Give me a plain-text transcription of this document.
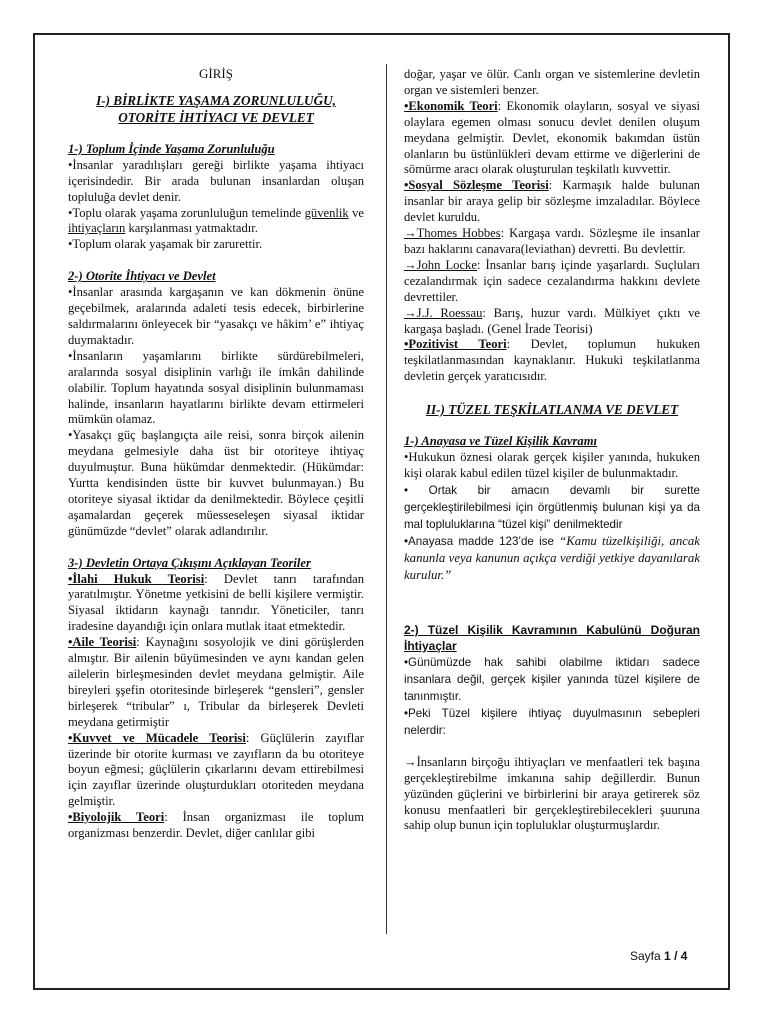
GİRİŞ

I-) BİRLİKTE YAŞAMA ZORUNLULUĞU,
OTORİTE İHTİYACI VE DEVLET

1-) Toplum İçinde Yaşama Zorunluluğu

•İnsanlar yaradılışları gereği birlikte yaşama ihtiyacı içerisindedir. Bir arada bulunan insanlardan oluşan topluluğa devlet denir.

•Toplu olarak yaşama zorunluluğun temelinde güvenlik ve ihtiyaçların karşılanması yatmaktadır.

•Toplum olarak yaşamak bir zarurettir.

2-) Otorite İhtiyacı ve Devlet

•İnsanlar arasında kargaşanın ve kan dökmenin önüne geçebilmek, aralarında adaleti tesis edecek, birbirlerine saldırmalarını önleyecek bir “yasakçı ve hâkim’ e” ihtiyaç duymaktadır.

•İnsanların yaşamlarını birlikte sürdürebilmeleri, aralarında sosyal disiplinin varlığı ile imkân dahilinde olabilir. Toplum hayatında sosyal disiplinin bulunmaması halinde, insanların hayatlarını birlikte devam ettirmeleri mümkün olamaz.

•Yasakçı güç başlangıçta aile reisi, sonra birçok ailenin meydana gelmesiyle daha üst bir otoriteye ihtiyaç duyulmuştur. Buna hükümdar denmektedir. (Hükümdar: Yurtta kendisinden üstte bir kuvvet bulunmayan.) Bu otoriteye siyasal iktidar da denilmektedir. Böylece çeşitli aşamalardan geçerek müesseseleşen siyasal iktidar günümüzde “devlet” olarak adlandırılır.

3-) Devletin Ortaya Çıkışını Açıklayan Teoriler

•İlahi Hukuk Teorisi: Devlet tanrı tarafından yaratılmıştır. Yönetme yetkisini de belli kişilere vermiştir. Siyasal iktidarın kaynağı tanrıdır. Yöneticiler, tanrı iradesine dayandığı için onlara mutlak itaat etmektedir.

•Aile Teorisi: Kaynağını sosyolojik ve dini görüşlerden almıştır. Bir ailenin büyümesinden ve aynı kandan gelen ailelerin birleşmesinden devlet meydana gelmiştir. Aile bireyleri şşefin otoritesinde birleşerek “gensleri”, gensler birleşerek “tribular” ı, Tribular da birleşerek Devleti meydana getirmiştir

•Kuvvet ve Mücadele Teorisi: Güçlülerin zayıflar üzerinde bir otorite kurması ve zayıfların da bu otoriteye boyun eğmesi; güçlülerin çıkarlarını devam ettirebilmesi için zayıflar üzerinde oluşturdukları otoriteden meydana gelmiştir.

•Biyolojik Teori: İnsan organizması ile toplum organizması benzerdir. Devlet, diğer canlılar gibi

doğar, yaşar ve ölür. Canlı organ ve sistemlerine devletin organ ve sistemleri benzer.

•Ekonomik Teori: Ekonomik olayların, sosyal ve siyasi olaylara egemen olması sonucu devlet denilen oluşum meydana gelmiştir. Devlet, ekonomik bakımdan üstün olanların bu üstünlükleri devam ettirme ve diğerlerini de sömürme aracı olarak oluşturulan teşkilatlı kuvvettir.

•Sosyal Sözleşme Teorisi: Karmaşık halde bulunan insanlar bir araya gelip bir sözleşme imzaladılar. Böylece devlet kuruldu.

→Thomes Hobbes: Kargaşa vardı. Sözleşme ile insanlar bazı haklarını canavara(leviathan) devretti. Bu devlettir.

→John Locke: İnsanlar barış içinde yaşarlardı. Suçluları cezalandırmak için sadece cezalandırma hakkını devlete devrettiler.

→J.J. Roessau: Barış, huzur vardı. Mülkiyet çıktı ve kargaşa başladı. (Genel İrade Teorisi)

•Pozitivist Teori: Devlet, toplumun hukuken teşkilatlanmasından kaynaklanır. Hukuki teşkilatlanma devletin gerçek yaratıcısıdır.

II-) TÜZEL TEŞKİLATLANMA VE DEVLET

1-) Anayasa ve Tüzel Kişilik Kavramı

•Hukukun öznesi olarak gerçek kişiler yanında, hukuken kişi olarak kabul edilen tüzel kişiler de bulunmaktadır.

• Ortak bir amacın devamlı bir surette gerçekleştirilebilmesi için örgütlenmiş bulunan kişi ya da mal topluluklarına “tüzel kişi” denilmektedir

•Anayasa madde 123’de ise “Kamu tüzelkişiliği, ancak kanunla veya kanunun açıkça verdiği yetkiye dayanılarak kurulur.”

2-) Tüzel Kişilik Kavramının Kabulünü Doğuran İhtiyaçlar

•Günümüzde hak sahibi olabilme iktidarı sadece insanlara değil, gerçek kişiler yanında tüzel kişilere de tanınmıştır.

•Peki Tüzel kişilere ihtiyaç duyulmasının sebepleri nelerdir:

→İnsanların birçoğu ihtiyaçları ve menfaatleri tek başına gerçekleştirebilme imkanına sahip değillerdir. Bunun yüzünden güçlerini ve birbirlerini bir araya getirerek söz konusu menfaatleri bir gerçekleştirebilecekleri şuuruna sahip olup bunun için topluluklar oluşturmuşlardır.

Sayfa 1 / 4
